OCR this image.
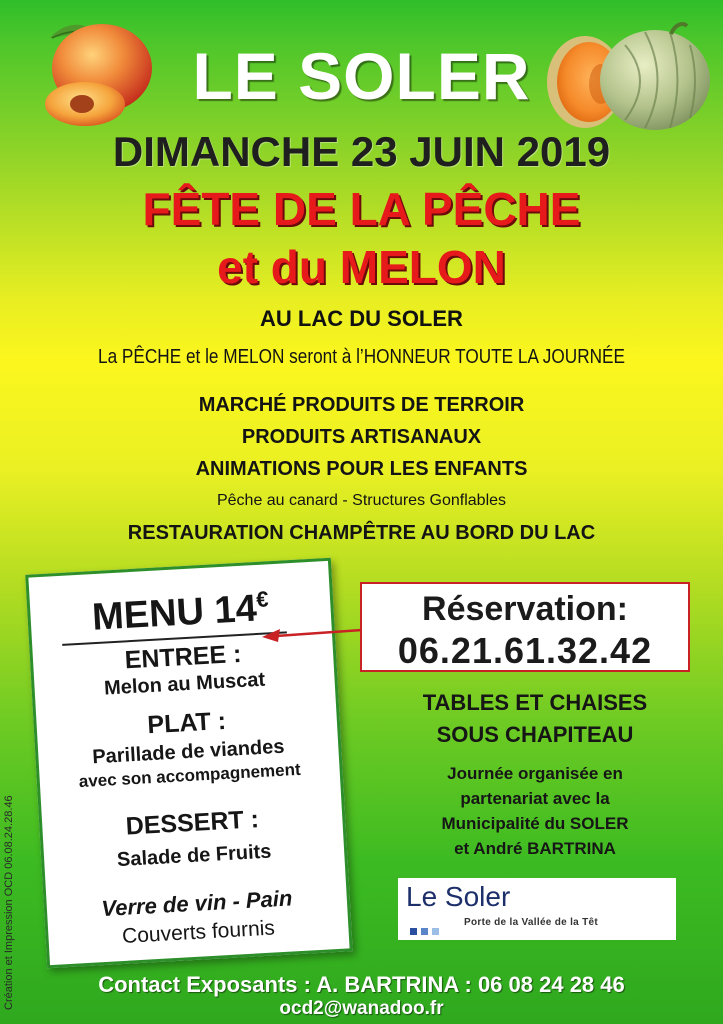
LE SOLER
DIMANCHE 23 JUIN 2019
FÊTE DE LA PÊCHE
et du MELON
AU LAC DU SOLER
La PÊCHE et le MELON seront à l’HONNEUR TOUTE LA JOURNÉE
MARCHÉ PRODUITS DE TERROIR
PRODUITS ARTISANAUX
ANIMATIONS POUR LES ENFANTS
Pêche au canard - Structures Gonflables
RESTAURATION CHAMPÊTRE AU BORD DU LAC
MENU 14€
ENTREE :
Melon au Muscat
PLAT :
Parillade de viandes
avec son accompagnement
DESSERT :
Salade de Fruits
Verre de vin - Pain
Couverts fournis
Réservation:
06.21.61.32.42
TABLES ET CHAISES
SOUS CHAPITEAU
Journée organisée en
partenariat avec la
Municipalité du SOLER
et André BARTRINA
Le Soler
Porte de la Vallée de la Têt
Création et Impression OCD 06.08.24.28.46	Contact Exposants : A. BARTRINA : 06 08 24 28 46
ocd2@wanadoo.fr
